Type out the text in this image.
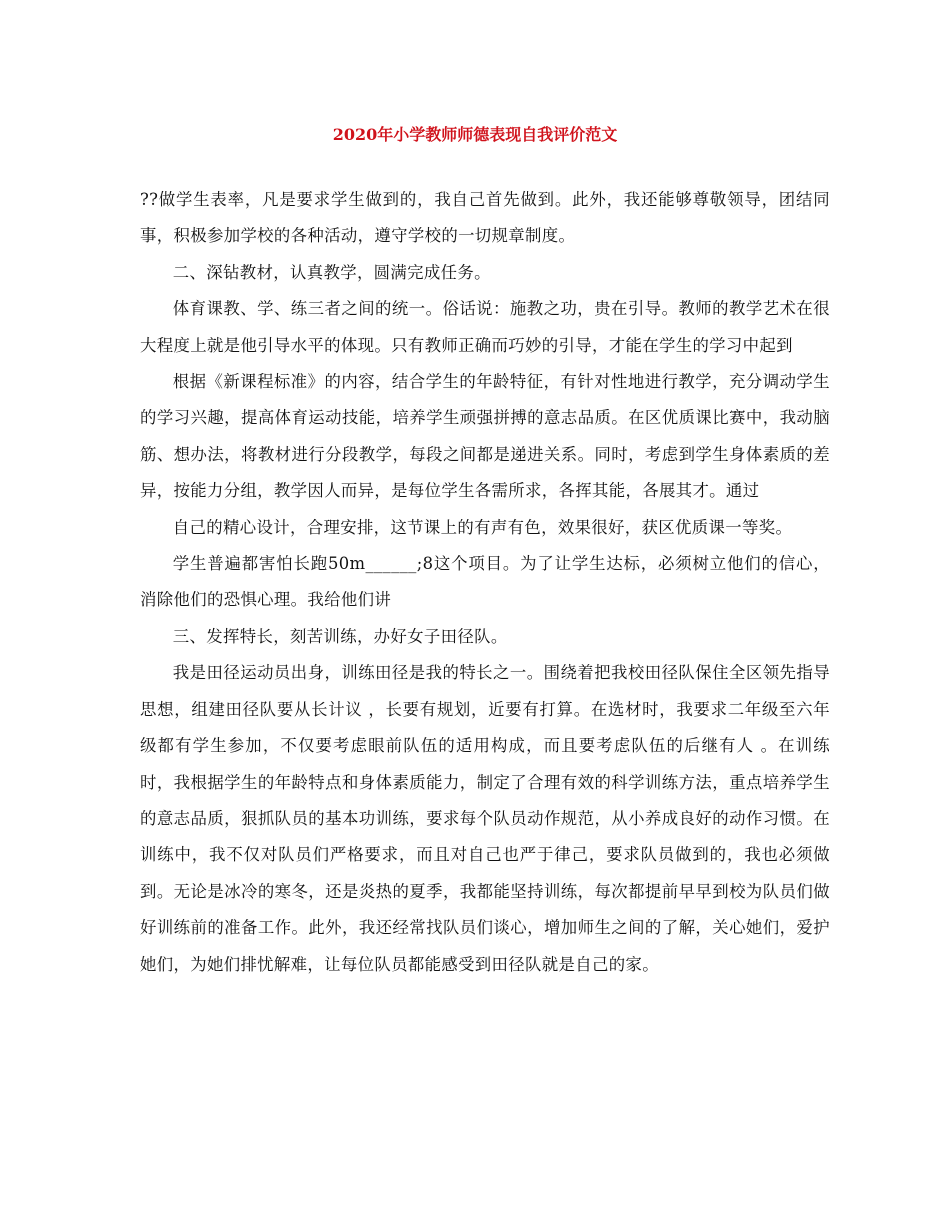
2020年小学教师师德表现自我评价范文

??做学生表率，凡是要求学生做到的，我自己首先做到。此外，我还能够尊敬领导，团结同事，积极参加学校的各种活动，遵守学校的一切规章制度。

二、深钻教材，认真教学，圆满完成任务。

体育课教、学、练三者之间的统一。俗话说：施教之功，贵在引导。教师的教学艺术在很大程度上就是他引导水平的体现。只有教师正确而巧妙的引导，才能在学生的学习中起到

根据《新课程标准》的内容，结合学生的年龄特征，有针对性地进行教学，充分调动学生的学习兴趣，提高体育运动技能，培养学生顽强拼搏的意志品质。在区优质课比赛中，我动脑筋、想办法，将教材进行分段教学，每段之间都是递进关系。同时，考虑到学生身体素质的差异，按能力分组，教学因人而异，是每位学生各需所求，各挥其能，各展其才。通过

自己的精心设计，合理安排，这节课上的有声有色，效果很好，获区优质课一等奖。

学生普遍都害怕长跑50m______;8这个项目。为了让学生达标，必须树立他们的信心，消除他们的恐惧心理。我给他们讲

三、发挥特长，刻苦训练，办好女子田径队。

我是田径运动员出身，训练田径是我的特长之一。围绕着把我校田径队保住全区领先指导思想，组建田径队要从长计议 ，长要有规划，近要有打算。在选材时，我要求二年级至六年级都有学生参加，不仅要考虑眼前队伍的适用构成，而且要考虑队伍的后继有人 。在训练时，我根据学生的年龄特点和身体素质能力，制定了合理有效的科学训练方法，重点培养学生的意志品质，狠抓队员的基本功训练，要求每个队员动作规范，从小养成良好的动作习惯。在训练中，我不仅对队员们严格要求，而且对自己也严于律己，要求队员做到的，我也必须做到。无论是冰冷的寒冬，还是炎热的夏季，我都能坚持训练，每次都提前早早到校为队员们做好训练前的准备工作。此外，我还经常找队员们谈心，增加师生之间的了解，关心她们，爱护她们，为她们排忧解难，让每位队员都能感受到田径队就是自己的家。
